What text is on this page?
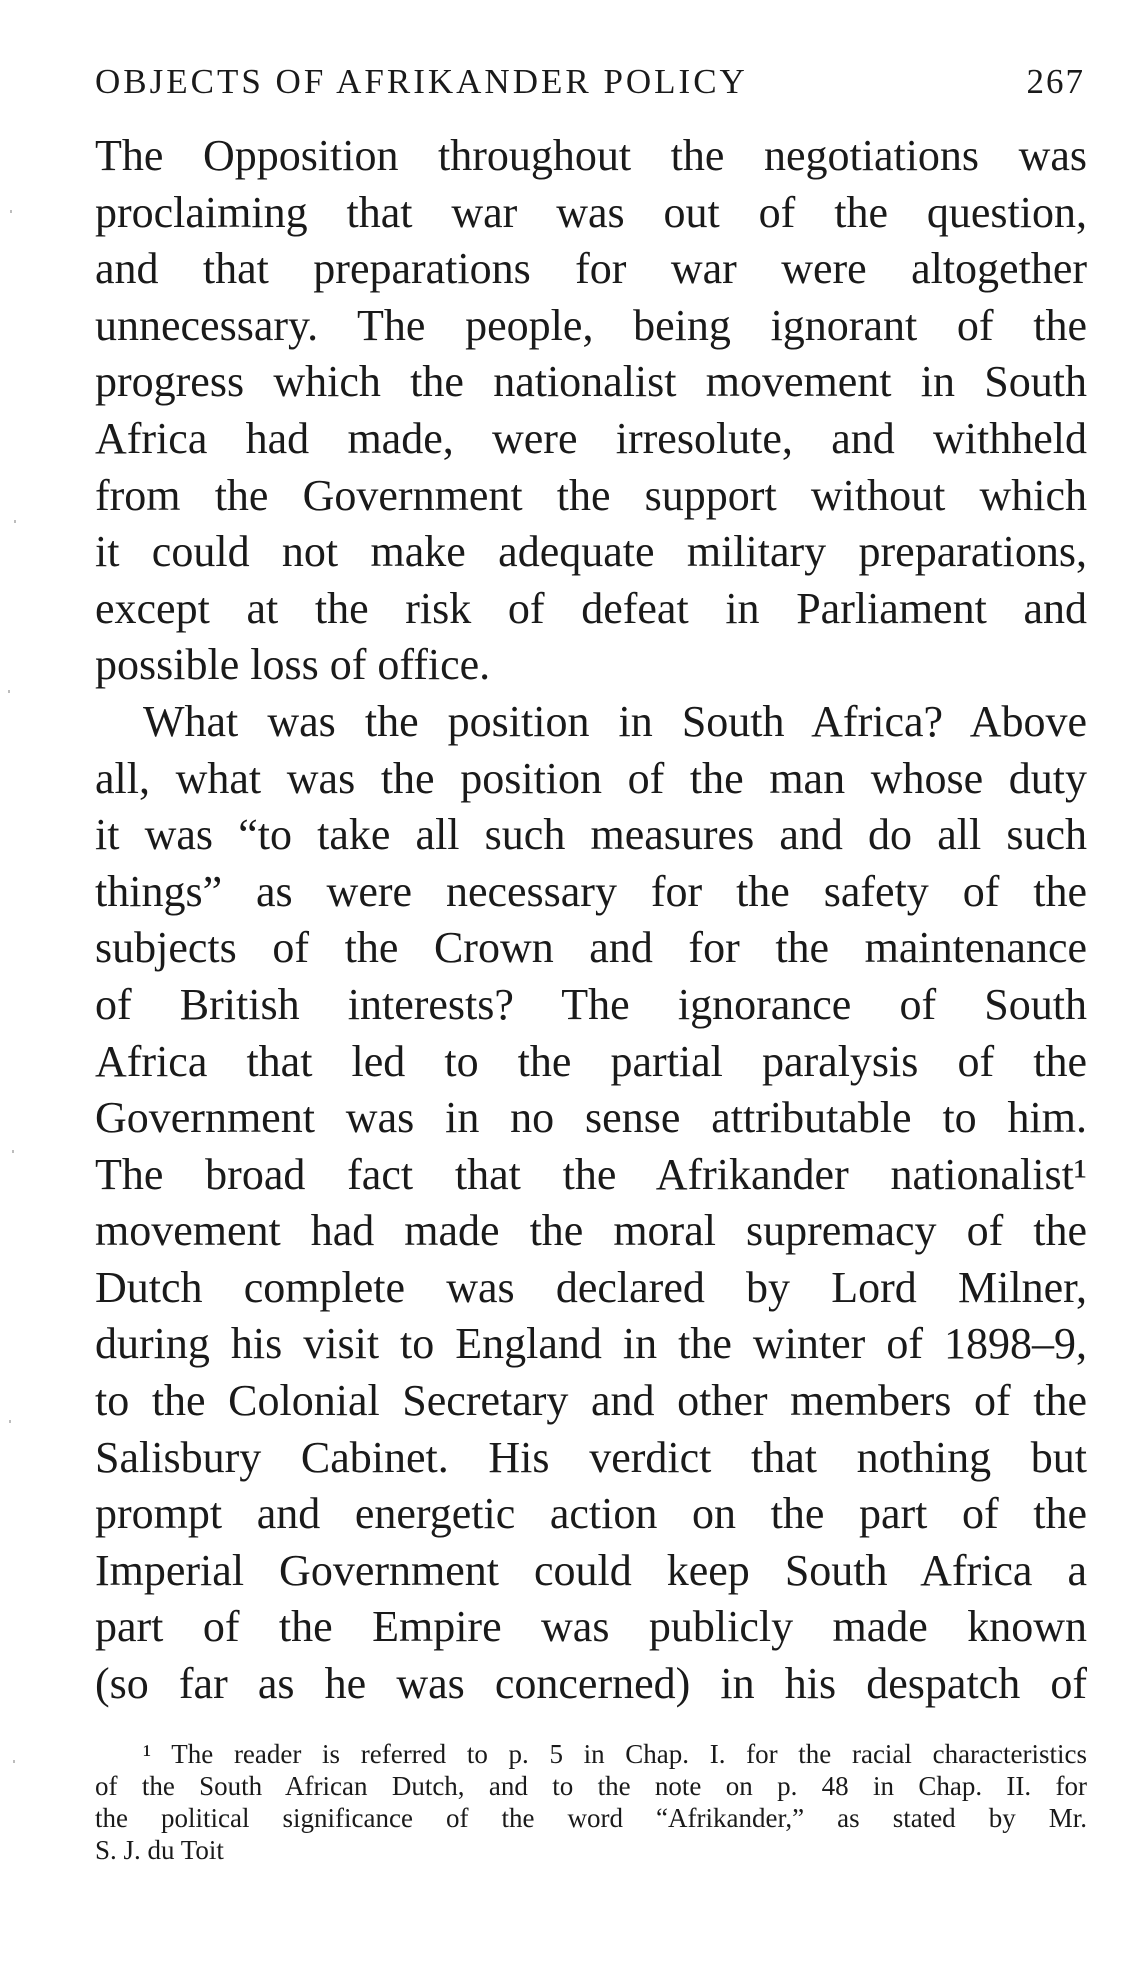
OBJECTS OF AFRIKANDER POLICY	267
The Opposition throughout the negotiations was
proclaiming that war was out of the question,
and that preparations for war were altogether
unnecessary. The people, being ignorant of the
progress which the nationalist movement in South
Africa had made, were irresolute, and withheld
from the Government the support without which
it could not make adequate military preparations,
except at the risk of defeat in Parliament and
possible loss of office.
What was the position in South Africa? Above
all, what was the position of the man whose duty
it was “to take all such measures and do all such
things” as were necessary for the safety of the
subjects of the Crown and for the maintenance
of British interests? The ignorance of South
Africa that led to the partial paralysis of the
Government was in no sense attributable to him.
The broad fact that the Afrikander nationalist¹
movement had made the moral supremacy of the
Dutch complete was declared by Lord Milner,
during his visit to England in the winter of 1898–9,
to the Colonial Secretary and other members of the
Salisbury Cabinet. His verdict that nothing but
prompt and energetic action on the part of the
Imperial Government could keep South Africa a
part of the Empire was publicly made known
(so far as he was concerned) in his despatch of
¹ The reader is referred to p. 5 in Chap. I. for the racial characteristics
of the South African Dutch, and to the note on p. 48 in Chap. II. for
the political significance of the word “Afrikander,” as stated by Mr.
S. J. du Toit
